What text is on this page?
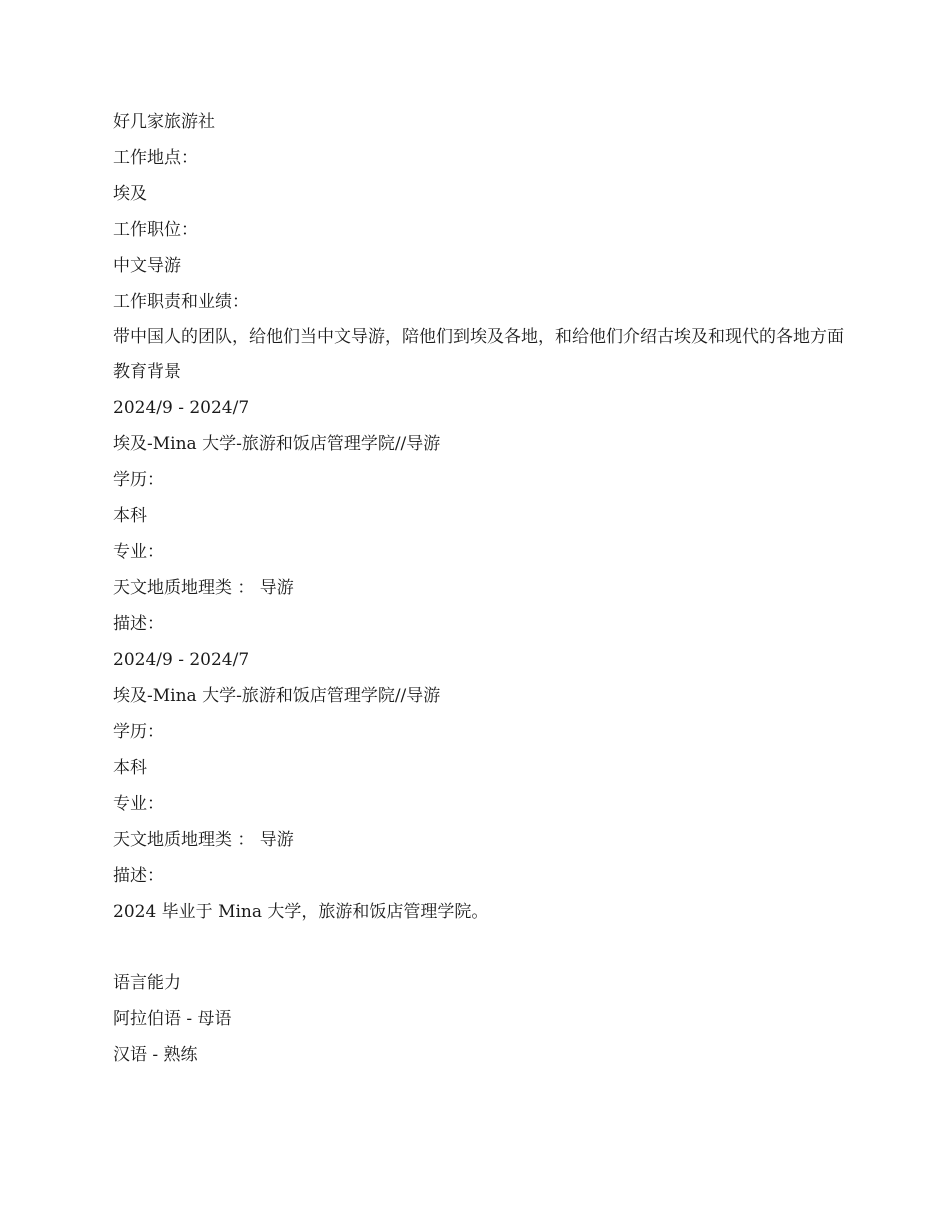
好几家旅游社
工作地点：
埃及
工作职位：
中文导游
工作职责和业绩：
带中国人的团队，给他们当中文导游，陪他们到埃及各地，和给他们介绍古埃及和现代的各地方面
教育背景
2024/9 - 2024/7
埃及-Mina 大学-旅游和饭店管理学院//导游
学历：
本科
专业：
天文地质地理类 ： 导游
描述：
2024/9 - 2024/7
埃及-Mina 大学-旅游和饭店管理学院//导游
学历：
本科
专业：
天文地质地理类 ： 导游
描述：
2024 毕业于 Mina 大学，旅游和饭店管理学院。
语言能力
阿拉伯语 - 母语
汉语 - 熟练
